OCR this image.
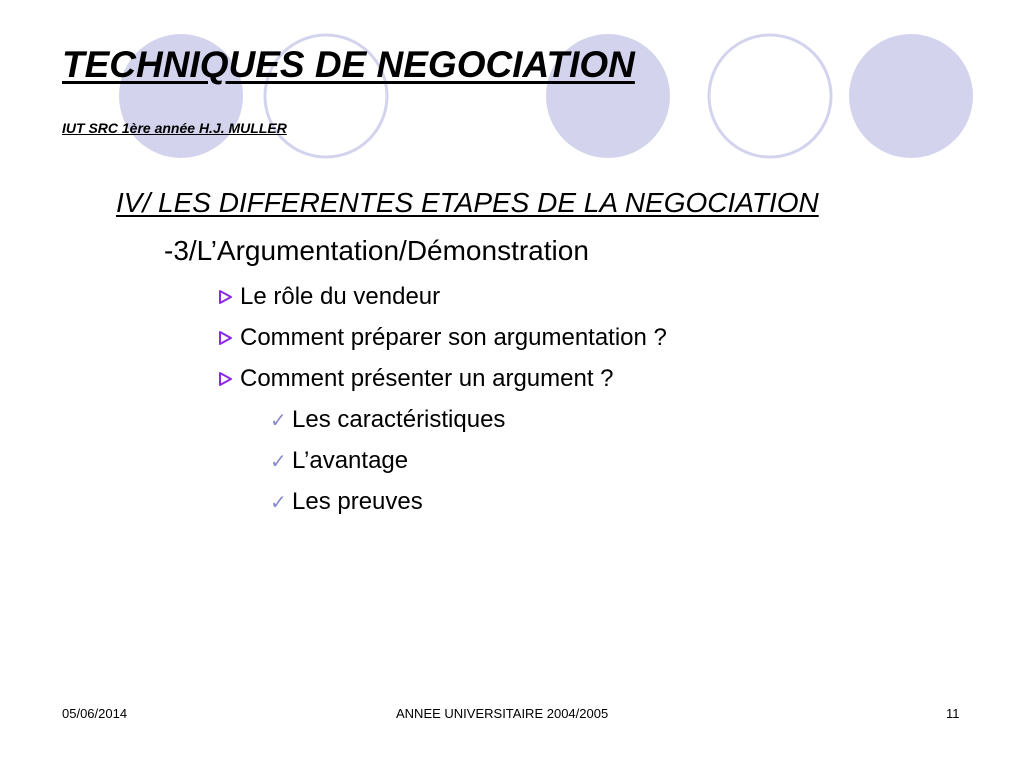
TECHNIQUES DE NEGOCIATION
IUT SRC 1ère année H.J. MULLER
IV/ LES DIFFERENTES ETAPES DE LA NEGOCIATION
-3/L’Argumentation/Démonstration
Le rôle du vendeur
Comment préparer son argumentation ?
Comment présenter un argument ?
✓ Les caractéristiques
✓ L’avantage
✓ Les preuves
05/06/2014	ANNEE UNIVERSITAIRE 2004/2005	11
